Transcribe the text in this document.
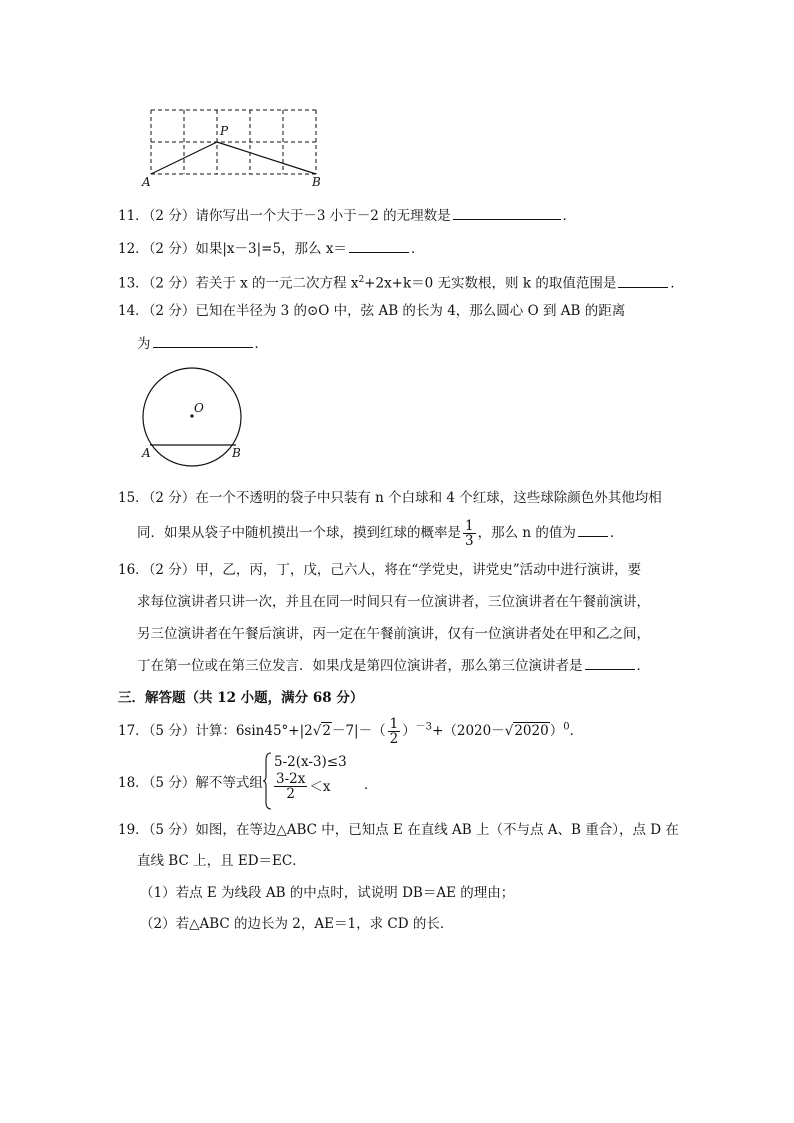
P
A	B
11．（2 分）请你写出一个大于－3 小于－2 的无理数是	．
12．（2 分）如果|x－3|=5，那么 x＝	．
13．（2 分）若关于 x 的一元二次方程 $x^2+2x+k=0$ 无实数根，则 k 的取值范围是	．
14．（2 分）已知在半径为 3 的⊙O 中，弦 AB 的长为 4，那么圆心 O 到 AB 的距离
为	．
O
A	B
15．（2 分）在一个不透明的袋子中只装有 n 个白球和 4 个红球，这些球除颜色外其他均相
同．如果从袋子中随机摸出一个球，摸到红球的概率是 $\frac{1}{3}$ ，那么 n 的值为	．
16．（2 分）甲，乙，丙，丁，戊，己六人，将在“学党史，讲党史”活动中进行演讲，要
求每位演讲者只讲一次，并且在同一时间只有一位演讲者，三位演讲者在午餐前演讲，
另三位演讲者在午餐后演讲，丙一定在午餐前演讲，仅有一位演讲者处在甲和乙之间，
丁在第一位或在第三位发言．如果戊是第四位演讲者，那么第三位演讲者是	．
三．解答题（共 12 小题，满分 68 分）
17．（5 分）计算：$6\sin 45^\circ+|2√2-7|-( \frac{1}{2} )^{-3}+(2020-√2020)^0$．
18．（5 分）解不等式组
5-2(x-3)≤3
$\frac{3-2x}{2} <x$ ．
19．（5 分）如图，在等边△ABC 中，已知点 E 在直线 AB 上（不与点 A、B 重合），点 D 在
直线 BC 上，且 ED＝EC．
（1）若点 E 为线段 AB 的中点时，试说明 DB＝AE 的理由；
（2）若△ABC 的边长为 2，AE＝1，求 CD 的长．
